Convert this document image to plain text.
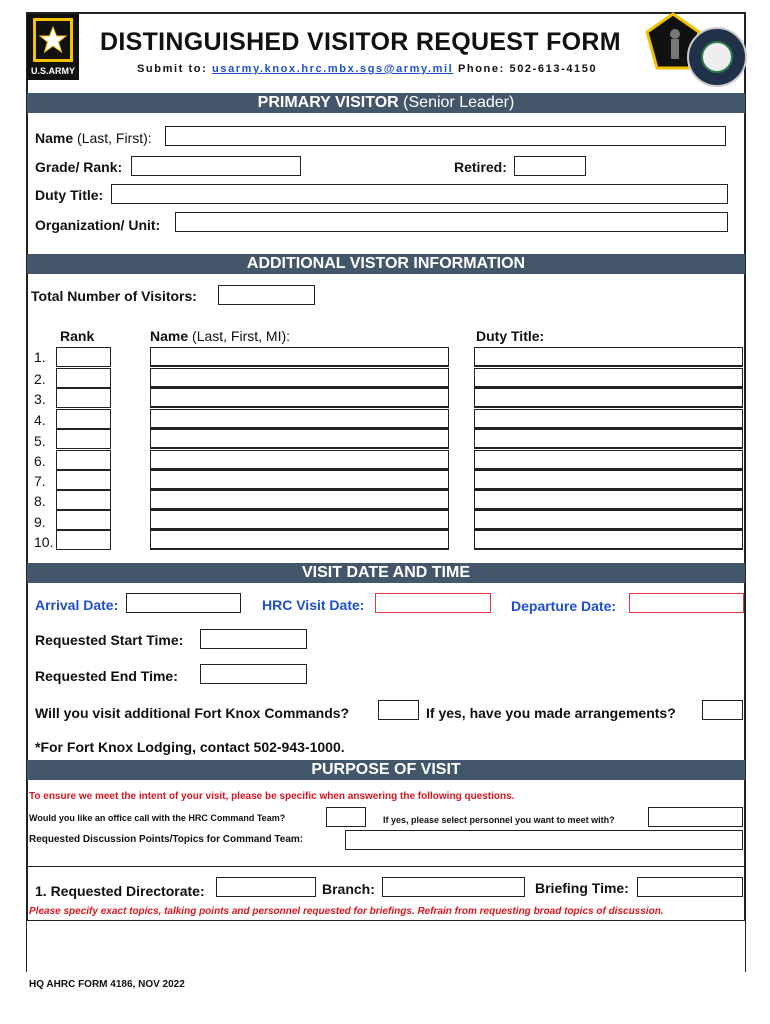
U.S.ARMY
DISTINGUISHED VISITOR REQUEST FORM
Submit to: usarmy.knox.hrc.mbx.sgs@army.mil Phone: 502-613-4150
PRIMARY VISITOR (Senior Leader)
Name (Last, First):
Grade/ Rank:	Retired:
Duty Title:
Organization/ Unit:
ADDITIONAL VISTOR INFORMATION
Total Number of Visitors:
Rank	Name (Last, First, MI):	Duty Title:
1.
2.
3.
4.
5.
6.
7.
8.
9.
10.
VISIT DATE AND TIME
Arrival Date:	HRC Visit Date:	Departure Date:
Requested Start Time:
Requested End Time:
Will you visit additional Fort Knox Commands?	If yes, have you made arrangements?
*For Fort Knox Lodging, contact 502-943-1000.
PURPOSE OF VISIT
To ensure we meet the intent of your visit, please be specific when answering the following questions.
Would you like an office call with the HRC Command Team?	If yes, please select personnel you want to meet with?
Requested Discussion Points/Topics for Command Team:
1. Requested Directorate:	Branch:	Briefing Time:
Please specify exact topics, talking points and personnel requested for briefings. Refrain from requesting broad topics of discussion.
HQ AHRC FORM 4186, NOV 2022
